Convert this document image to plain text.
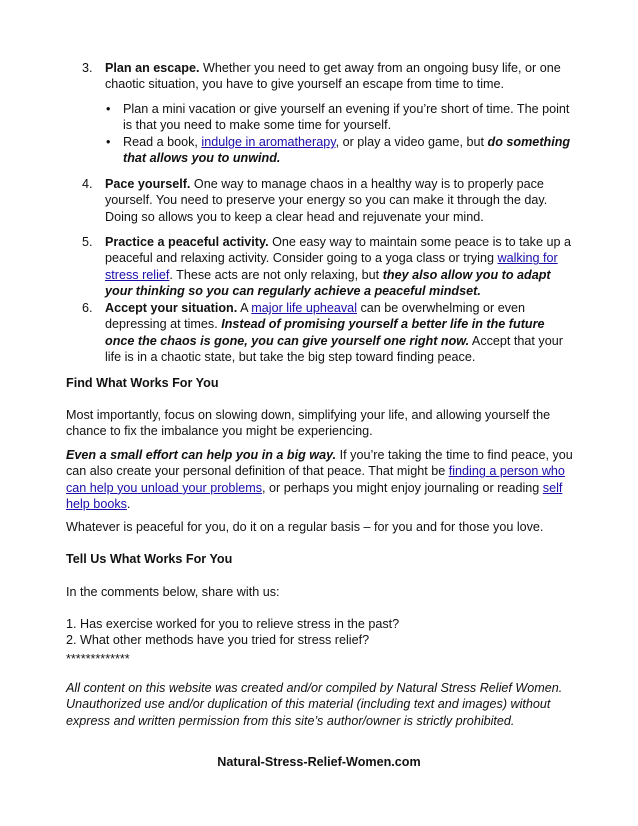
3. Plan an escape. Whether you need to get away from an ongoing busy life, or one chaotic situation, you have to give yourself an escape from time to time.
• Plan a mini vacation or give yourself an evening if you’re short of time. The point is that you need to make some time for yourself.
• Read a book, indulge in aromatherapy, or play a video game, but do something that allows you to unwind.
4. Pace yourself. One way to manage chaos in a healthy way is to properly pace yourself. You need to preserve your energy so you can make it through the day. Doing so allows you to keep a clear head and rejuvenate your mind.
5. Practice a peaceful activity. One easy way to maintain some peace is to take up a peaceful and relaxing activity. Consider going to a yoga class or trying walking for stress relief. These acts are not only relaxing, but they also allow you to adapt your thinking so you can regularly achieve a peaceful mindset.
6. Accept your situation. A major life upheaval can be overwhelming or even depressing at times. Instead of promising yourself a better life in the future once the chaos is gone, you can give yourself one right now. Accept that your life is in a chaotic state, but take the big step toward finding peace.
Find What Works For You
Most importantly, focus on slowing down, simplifying your life, and allowing yourself the chance to fix the imbalance you might be experiencing.
Even a small effort can help you in a big way. If you’re taking the time to find peace, you can also create your personal definition of that peace. That might be finding a person who can help you unload your problems, or perhaps you might enjoy journaling or reading self help books.
Whatever is peaceful for you, do it on a regular basis – for you and for those you love.
Tell Us What Works For You
In the comments below, share with us:
1. Has exercise worked for you to relieve stress in the past?
2. What other methods have you tried for stress relief?
*************
All content on this website was created and/or compiled by Natural Stress Relief Women. Unauthorized use and/or duplication of this material (including text and images) without express and written permission from this site’s author/owner is strictly prohibited.
Natural-Stress-Relief-Women.com
